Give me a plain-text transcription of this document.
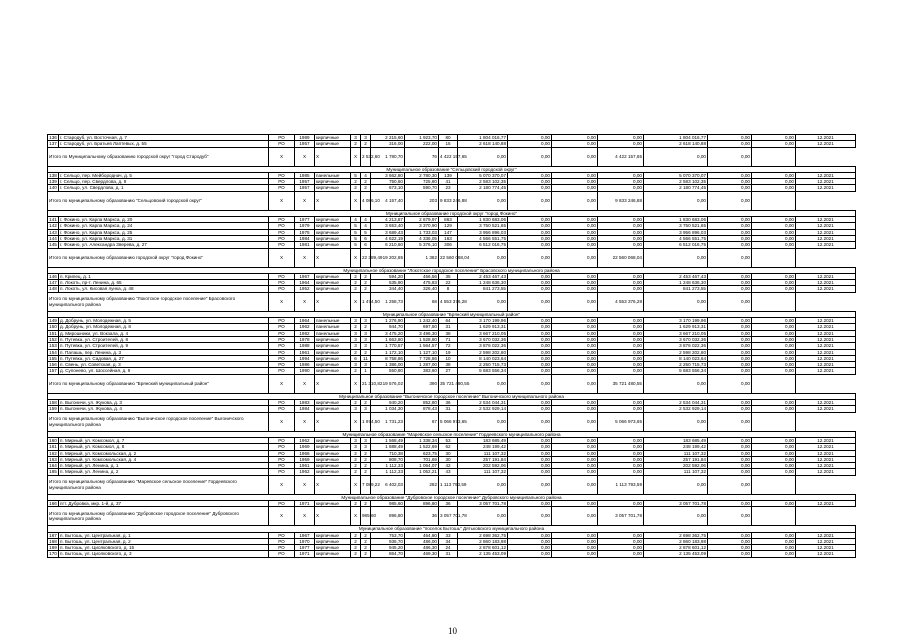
136	г. Стародуб, ул. Восточная, д. 7	РО	1989	кирпичные	3	3	2 215,60	1 923,70	80	1 804 016,77	0,00	0,00	0,00	1 804 016,77	0,00	0,00	12.2021
137	г. Стародуб, ул. Братьев Лаптевых, д. 55	РО	1957	кирпичные	2	2	316,00	222,00	15	2 618 140,88	0,00	0,00	0,00	2 618 140,88	0,00	0,00	12.2021
Итого по Муниципальному образованию городской округ "город Стародуб"		X	X	X	X	2 532,60	1 780,70	76	4 422 157,65	0,00	0,00	0,00	4 422 157,65	0,00	0,00		
Муниципальное образование "Сельцовский городской округ"																	
138	г. Сельцо, пер. Мейбороднач, д. 5	РО	1985	панельные	5	4	3 662,80	2 780,30	139	5 070 370,07	0,00	0,00	0,00	5 070 370,07	0,00	0,00	12.2021
139	г. Сельцо, пер. Свердлова, д. 9	РО	1957	кирпичные	2	2	750,60	725,80	41	2 583 102,35	0,00	0,00	0,00	2 583 102,35	0,00	0,00	12.2021
140	г. Сельцо, ул. Свердлова, д. 1	РО	1957	кирпичные	2	2	673,10	590,70	23	2 180 774,45	0,00	0,00	0,00	2 180 774,45	0,00	0,00	12.2021
Итого по муниципальному образованию "Сельцовский городской округ"		X	X	X	X	4 086,10	4 157,40	203	9 833 246,88	0,00	0,00	0,00	9 833 246,88	0,00	0,00		
Муниципальное образование городской округ "город Фокино"																	
141	г. Фокино, ул. Карла Маркса, д. 20	РО	1977	кирпичные	4	4	4 213,87	2 679,97	863	1 830 683,06	0,00	0,00	0,00	1 830 683,06	0,00	0,00	12.2021
142	г. Фокино, ул. Карла Маркса, д. 24	РО	1979	кирпичные	5	4	3 653,40	3 370,90	129	3 750 521,65	0,00	0,00	0,00	3 750 521,65	0,00	0,00	12.2021
143	г. Фокино, ул. Карла Маркса, д. 25	РО	1975	кирпичные	5	5	3 689,43	1 733,03	147	3 956 896,03	0,00	0,00	0,00	3 956 896,03	0,00	0,00	12.2021
144	г. Фокино, ул. Карла Маркса, д. 31	РО	1984	кирпичные	5	6	4 622,19	4 336,05	163	4 566 551,75	0,00	0,00	0,00	4 566 551,75	0,00	0,00	12.2021
145	г. Фокино, ул. Александра Зверева, д. 27	РО	1981	кирпичные	5	6	6 210,60	5 376,10	306	6 512 016,75	0,00	0,00	0,00	6 512 016,75	0,00	0,00	12.2021
Итого по муниципальному образованию городской округ "город Фокино"		X	X	X	X	22 389,49	19 202,85	1 382	22 560 068,04	0,00	0,00	0,00	22 560 068,04	0,00	0,00		
Муниципальное образование "Локотское городское поселение" Брасовского муниципального района																	
146	п. Крипец, д. 1	РО	1967	кирпичные	2	2	594,20	456,56	35	2 453 467,43	0,00	0,00	0,00	2 453 467,43	0,00	0,00	12.2021
147	п. Локоть, пр-т. Ленина, д. 65	РО	1964	кирпичные	2	2	535,90	475,83	22	1 248 636,30	0,00	0,00	0,00	1 248 636,30	0,00	0,00	12.2021
148	п. Локоть, ул. Кисовая лунка, д. 48	РО	1952	кирпичные	2	2	344,40	326,40	8	841 273,55	0,00	0,00	0,00	841 273,55	0,00	0,00	12.2021
Итого по муниципальному образованию "Локотское городское поселение" Брасовского муниципального района		X	X	X	X	1 474,50	1 258,73	68	4 553 376,28	0,00	0,00	0,00	4 553 376,28	0,00	0,00		
Муниципальное образование "Брянский муниципальный район"																	
149	д. Добрунь, ул. Молодежная, д. 5	РО	1964	панельные	3	3	1 276,90	1 242,40	64	3 170 199,96	0,00	0,00	0,00	3 170 199,96	0,00	0,00	12.2021
150	д. Добрунь, ул. Молодежная, д. 8	РО	1962	панельные	2	2	944,70	697,50	31	1 629 913,31	0,00	0,00	0,00	1 629 913,31	0,00	0,00	12.2021
151	д. Мирошники, ул. Вокзала, д. 4	РО	1982	панельные	3	3	3 475,20	3 496,30	38	3 667 210,05	0,00	0,00	0,00	3 667 210,05	0,00	0,00	12.2021
152	п. Путевка, ул. Строителей, д. 8	РО	1978	кирпичные	3	3	1 663,80	1 528,80	71	3 670 032,36	0,00	0,00	0,00	3 670 032,36	0,00	0,00	12.2021
153	п. Путевка, ул. Строителей, д. 9	РО	1988	кирпичные	3	3	1 770,57	1 564,57	72	3 876 022,36	0,00	0,00	0,00	3 876 022,36	0,00	0,00	12.2021
154	п. Палашь, пер. Ленина, д. 3	РО	1961	кирпичные	2	2	1 172,10	1 127,10	19	2 598 202,80	0,00	0,00	0,00	2 598 202,80	0,00	0,00	12.2021
155	п. Путевка, ул. Садовая, д. 27	РО	1994	кирпичные	6	11	8 758,86	7 728,86	10	8 140 023,64	0,00	0,00	0,00	8 140 023,64	0,00	0,00	12.2021
156	п. Свень, ул. Советская, д. 3	РО	1986	кирпичные	3	3	1 386,00	1 287,00	38	2 250 715,73	0,00	0,00	0,00	2 250 715,73	0,00	0,00	12.2021
157	д. Супонево, ул. Шоссейная, д. 9	РО	1990	кирпичные	2	1	550,80	383,60	27	5 683 556,34	0,00	0,00	0,00	5 683 556,34	0,00	0,00	12.2021
Итого по муниципальному образованию "Брянский муниципальный район"		X	X	X	X	21 310,82	19 576,02	390	35 721 480,55	0,00	0,00	0,00	35 721 480,55	0,00	0,00		
Муниципальное образование "Выгоничское городское поселение" Выгоничского муниципального района																	
158	п. Выгоничи, ул. Жукова, д. 3	РО	1983	кирпичные	2	2	940,20	852,80	36	2 534 044,31	0,00	0,00	0,00	2 534 044,31	0,00	0,00	12.2021
159	п. Выгоничи, ул. Жукова, д. 4	РО	1984	кирпичные	3	3	1 034,30	878,43	31	2 532 929,14	0,00	0,00	0,00	2 532 929,14	0,00	0,00	12.2021
Итого по муниципальному образованию "Выгоничское городское поселение" Выгоничского муниципального района		X	X	X	X	1 974,50	1 731,23	67	5 066 973,65	0,00	0,00	0,00	5 066 973,65	0,00	0,00		
Муниципальное образование "Маревское сельское поселение" Гордеевского муниципального района																	
160	п. Мирный, ул. Комсомол, д. 7	РО	1962	кирпичные	3	3	1 568,49	1 338,34	53	183 685,49	0,00	0,00	0,00	183 685,49	0,00	0,00	12.2021
161	п. Мирный, ул. Комсомол, д. 8	РО	1969	кирпичные	3	3	1 688,49	1 522,69	62	248 199,42	0,00	0,00	0,00	248 199,42	0,00	0,00	12.2021
162	п. Мирный, ул. Комсомольская, д. 2	РО	1966	кирпичные	2	2	710,38	623,75	30	111 107,32	0,00	0,00	0,00	111 107,32	0,00	0,00	12.2021
163	п. Мирный, ул. Комсомольская, д. 4	РО	1959	кирпичные	2	2	808,70	701,69	30	257 191,84	0,00	0,00	0,00	257 191,84	0,00	0,00	12.2021
164	п. Мирный, ул. Ленина, д. 1	РО	1961	кирпичные	2	2	1 112,33	1 064,07	42	202 592,06	0,00	0,00	0,00	202 592,06	0,00	0,00	12.2021
165	п. Мирный, ул. Ленина, д. 2	РО	1962	кирпичные	2	2	1 112,33	1 052,21	43	111 107,32	0,00	0,00	0,00	111 107,32	0,00	0,00	12.2021
Итого по муниципальному образованию "Маревское сельское поселение" Гордеевского муниципального района		X	X	X	X	7 089,22	6 402,03	282	1 113 793,59	0,00	0,00	0,00	1 113 793,59	0,00	0,00		
Муниципальное образование "Дубровское городское поселение" Дубровского муниципального района																	
166	пгт. Дубровка, мкр. 1-й, д. 37	РО	1971	кирпичные	2	2	985,60	896,80	36	3 057 701,78	0,00	0,00	0,00	3 057 701,78	0,00	0,00	12.2021
Итого по муниципальному образованию "Дубровское городское поселение" Дубровского муниципального района		X	X	X	X	985,60	896,80	36	3 057 701,78	0,00	0,00	0,00	3 057 701,78	0,00	0,00		
Муниципальное образование "поселок Бытошь" Дятьковского муниципального района																	
167	п. Бытошь, ул. Центральная, д. 1	РО	1967	кирпичные	2	2	753,70	464,80	33	2 698 362,75	0,00	0,00	0,00	2 698 362,75	0,00	0,00	12.2021
168	п. Бытошь, ул. Центральная, д. 2	РО	1970	кирпичные	2	2	936,70	486,00	34	2 860 183,98	0,00	0,00	0,00	2 860 183,98	0,00	0,00	12.2021
169	п. Бытошь, ул. Циолковского, д. 15	РО	1977	кирпичные	2	2	945,20	486,30	24	2 878 601,12	0,00	0,00	0,00	2 878 601,12	0,00	0,00	12.2021
170	п. Бытошь, ул. Циолковского, д. 3	РО	1971	кирпичные	2	2	864,70	469,30	31	2 135 453,09	0,00	0,00	0,00	2 135 453,09	0,00	0,00	12.2021
10
